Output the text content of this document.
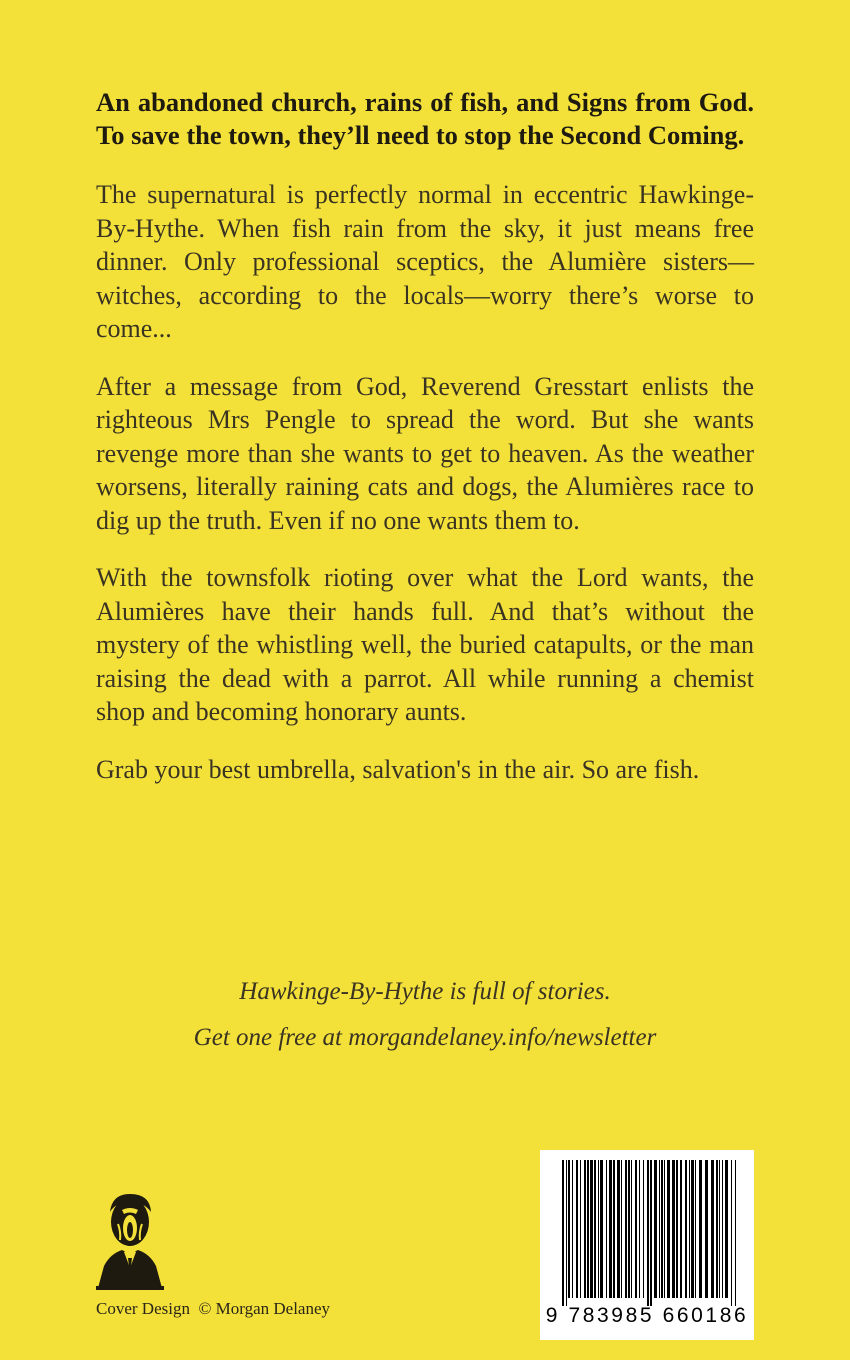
An abandoned church, rains of fish, and Signs from God. To save the town, they’ll need to stop the Second Coming.

The supernatural is perfectly normal in eccentric Hawkinge-By-Hythe. When fish rain from the sky, it just means free dinner. Only professional sceptics, the Alumière sisters—witches, according to the locals—worry there’s worse to come...

After a message from God, Reverend Gresstart enlists the righteous Mrs Pengle to spread the word. But she wants revenge more than she wants to get to heaven. As the weather worsens, literally raining cats and dogs, the Alumières race to dig up the truth. Even if no one wants them to.

With the townsfolk rioting over what the Lord wants, the Alumières have their hands full. And that’s without the mystery of the whistling well, the buried catapults, or the man raising the dead with a parrot. All while running a chemist shop and becoming honorary aunts.

Grab your best umbrella, salvation's in the air. So are fish.

Hawkinge-By-Hythe is full of stories.
Get one free at morgandelaney.info/newsletter
Cover Design  © Morgan Delaney	9 783985 660186
